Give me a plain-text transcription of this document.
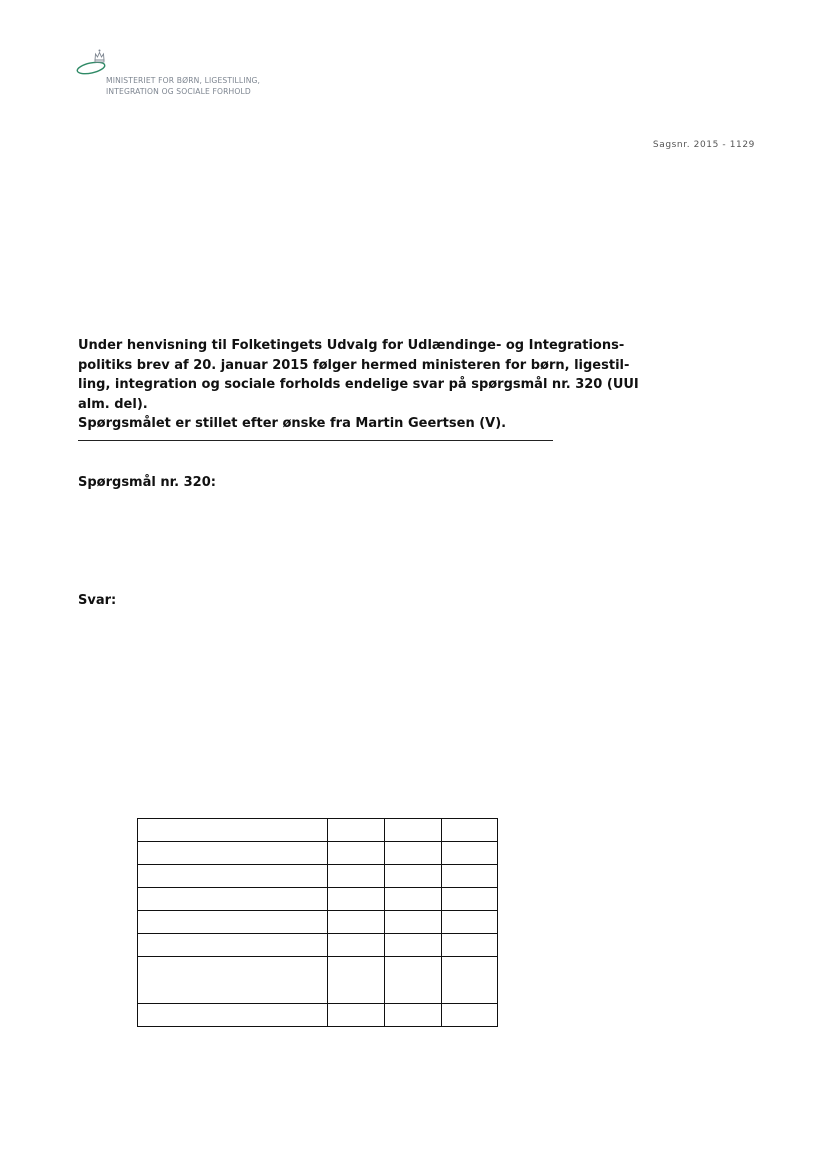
MINISTERIET FOR BØRN, LIGESTILLING,
INTEGRATION OG SOCIALE FORHOLD
Sagsnr. 2015 - 1129
Under henvisning til Folketingets Udvalg for Udlændinge- og Integrations-
politiks brev af 20. januar 2015 følger hermed ministeren for børn, ligestil-
ling, integration og sociale forholds endelige svar på spørgsmål nr. 320 (UUI
alm. del).
Spørgsmålet er stillet efter ønske fra Martin Geertsen (V).
Spørgsmål nr. 320:
Svar:
